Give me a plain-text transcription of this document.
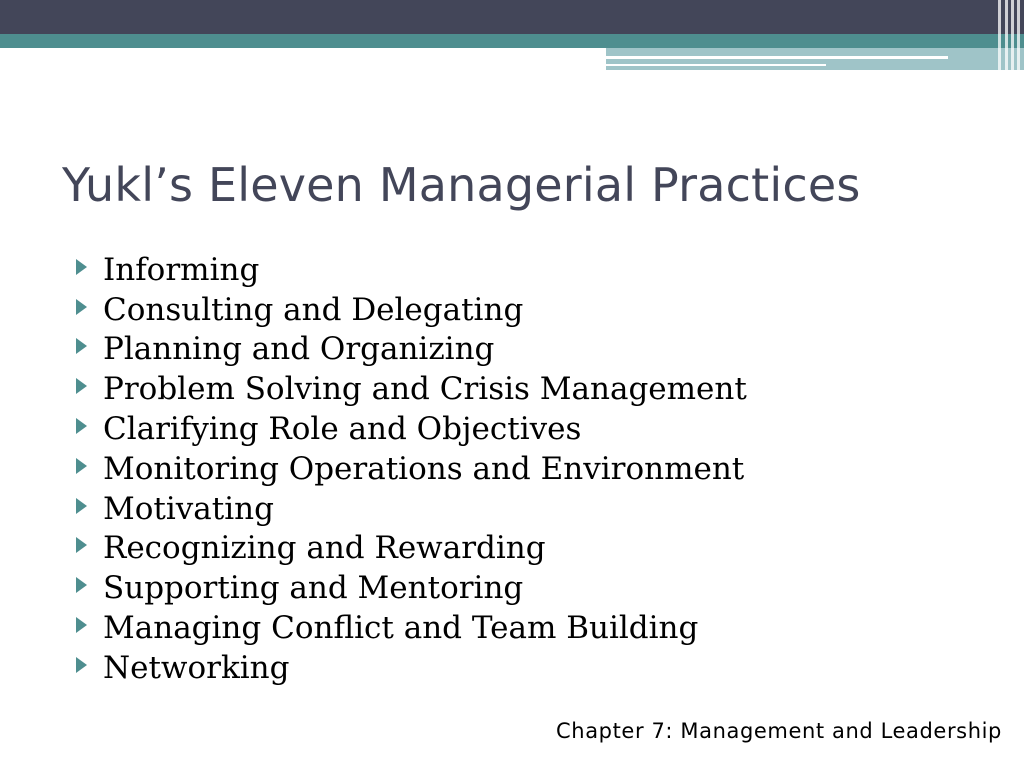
Yukl’s Eleven Managerial Practices
Informing
Consulting and Delegating
Planning and Organizing
Problem Solving and Crisis Management
Clarifying Role and Objectives
Monitoring Operations and Environment
Motivating
Recognizing and Rewarding
Supporting and Mentoring
Managing Conflict and Team Building
Networking
Chapter 7: Management and Leadership
